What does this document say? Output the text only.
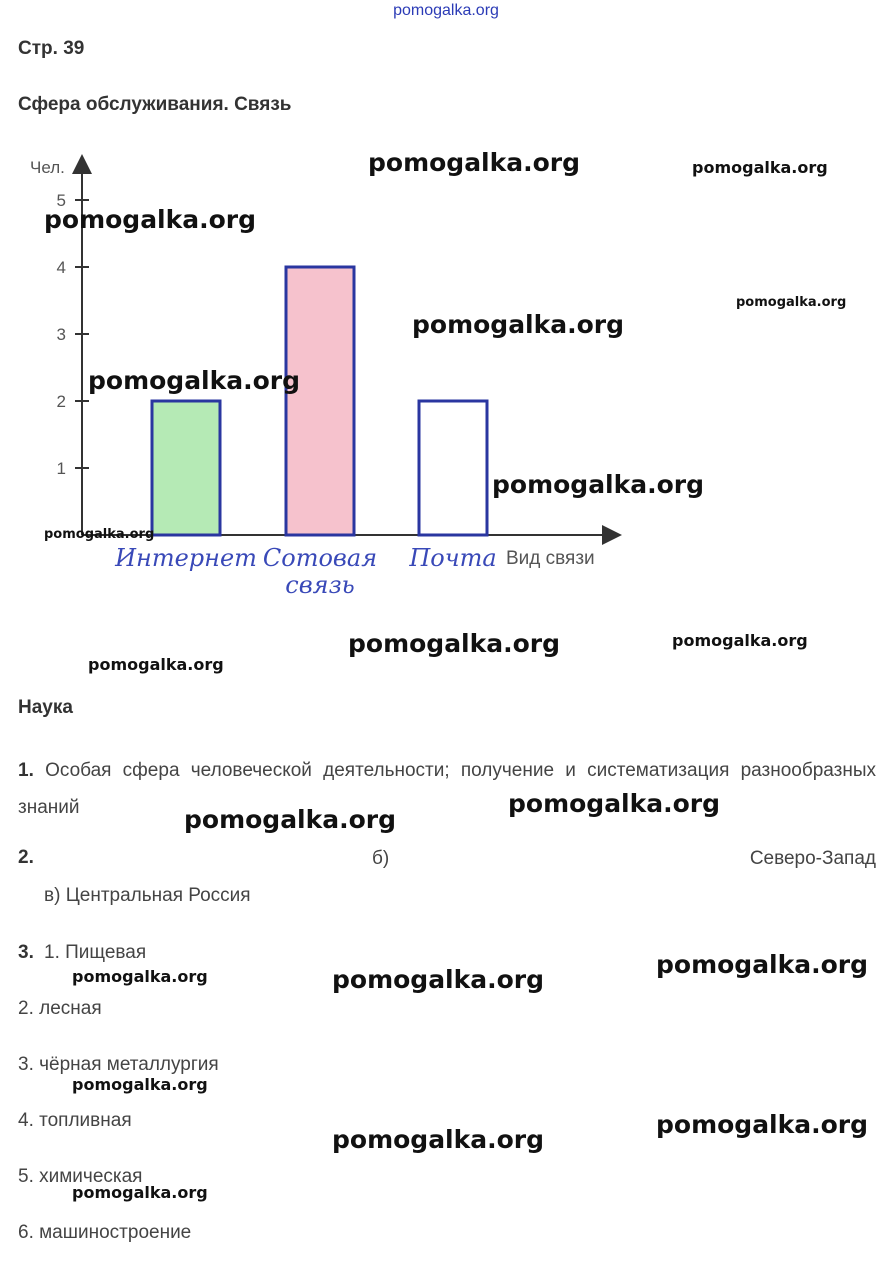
pomogalka.org
Стр. 39
Сфера обслуживания. Связь
Чел.
1
2
3
4
5
Интернет Сотовая
связь
Почта Вид связи
Наука
1. Особая сфера человеческой деятельности; получение и систематизация разнообразных знаний
2.	б)	Северо-Запад
в) Центральная Россия
3. 1. Пищевая
2. лесная
3. чёрная металлургия
4. топливная
5. химическая
6. машиностроение
pomogalka.org	pomogalka.org
pomogalka.org
pomogalka.org
pomogalka.org
pomogalka.org
pomogalka.org
pomogalka.org
pomogalka.org	pomogalka.org
pomogalka.org
pomogalka.org
pomogalka.org
pomogalka.org
pomogalka.org	pomogalka.org
pomogalka.org
pomogalka.org
pomogalka.org
pomogalka.org
